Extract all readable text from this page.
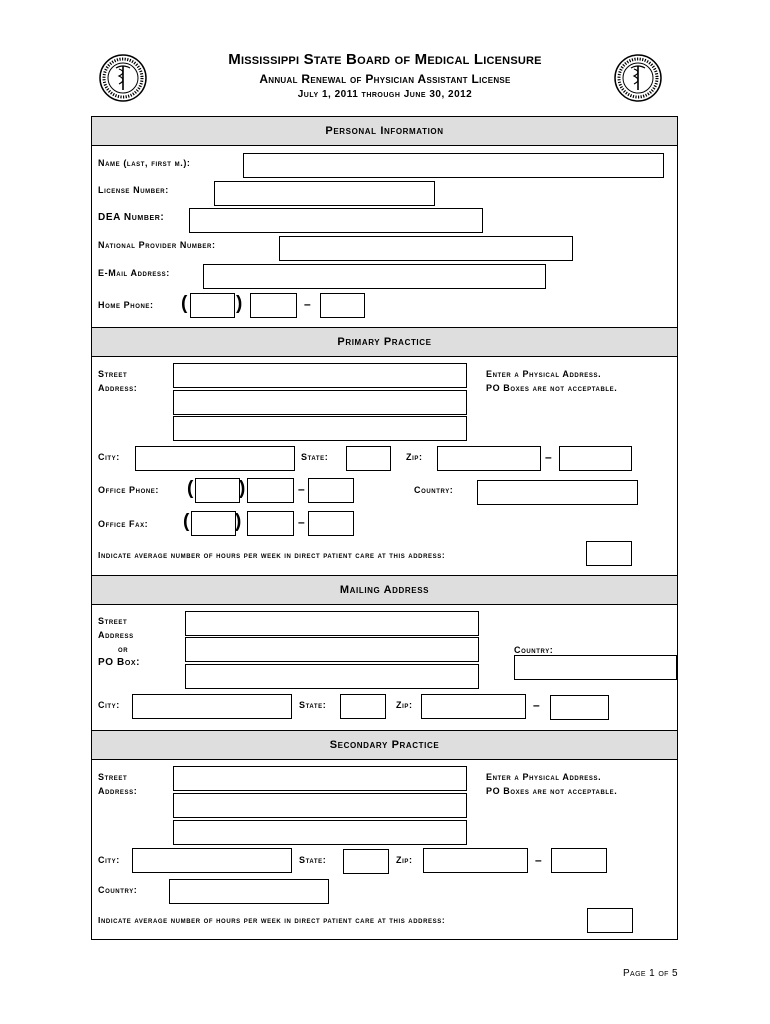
Mississippi State Board of Medical Licensure
Annual Renewal of Physician Assistant License
July 1, 2011 through June 30, 2012
Personal Information
Name (last, first m.):
License Number:
DEA Number:
National Provider Number:
E-Mail Address:
Home Phone: (	)	–
Primary Practice
Street
Address:
Enter a Physical Address.
PO Boxes are not acceptable.
City:	State:	Zip:	–
Office Phone: ( )	–	Country:
Office Fax: ( )	–
Indicate average number of hours per week in direct patient care at this address:
Mailing Address
Street
Address
or
PO Box:
Country:
City:	State:	Zip:	–
Secondary Practice
Street
Address:
Enter a Physical Address.
PO Boxes are not acceptable.
City:	State:	Zip:	–
Country:
Indicate average number of hours per week in direct patient care at this address:
Page 1 of 5
